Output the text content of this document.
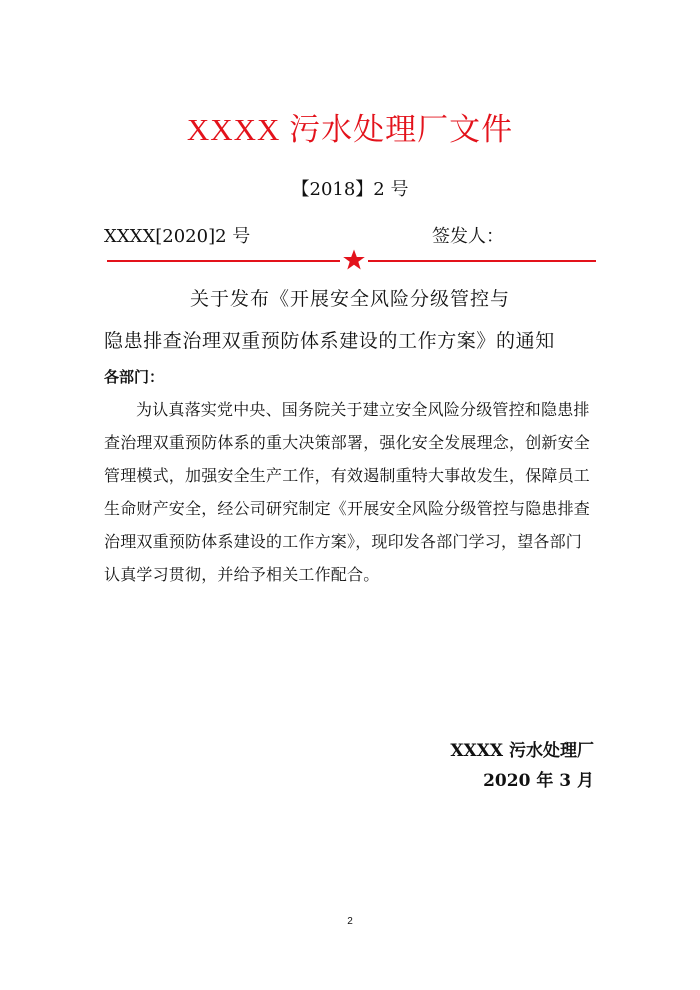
XXXX 污水处理厂文件
【2018】2 号
XXXX[2020]2 号	签发人：
关于发布《开展安全风险分级管控与
隐患排查治理双重预防体系建设的工作方案》的通知
各部门：
为认真落实党中央、国务院关于建立安全风险分级管控和隐患排
查治理双重预防体系的重大决策部署，强化安全发展理念，创新安全
管理模式，加强安全生产工作，有效遏制重特大事故发生，保障员工
生命财产安全，经公司研究制定《开展安全风险分级管控与隐患排查
治理双重预防体系建设的工作方案》，现印发各部门学习，望各部门
认真学习贯彻，并给予相关工作配合。
XXXX 污水处理厂
2020 年 3 月
2
